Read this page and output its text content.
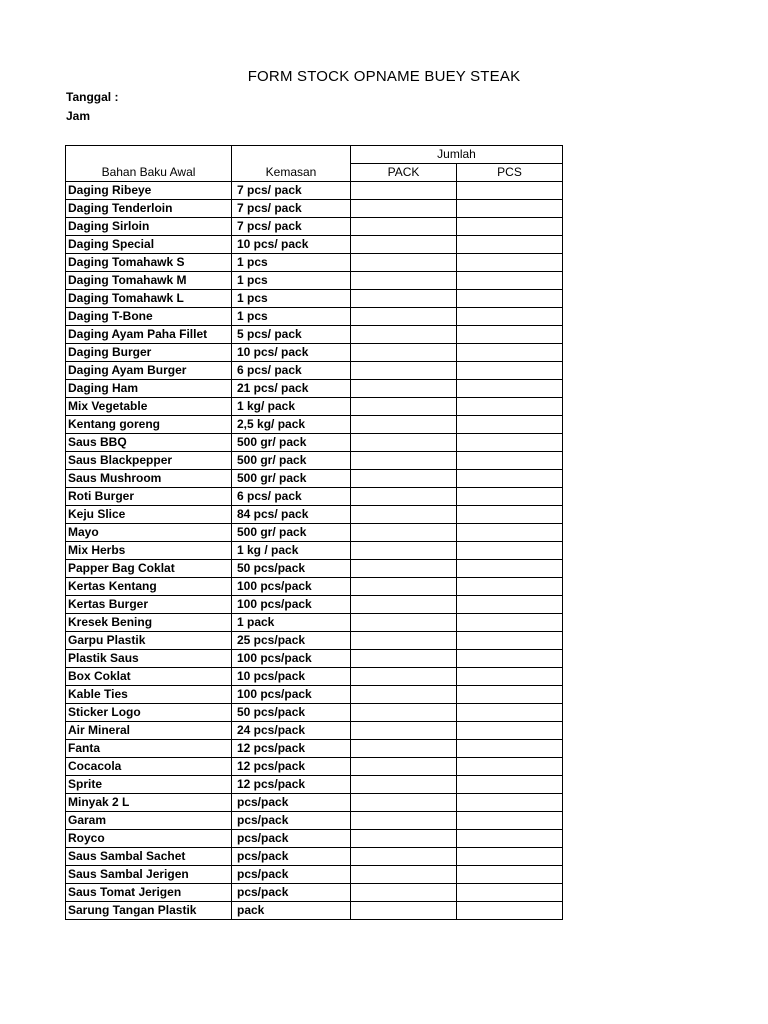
FORM STOCK OPNAME BUEY STEAK
Tanggal :
Jam
Bahan Baku Awal	Kemasan	Jumlah	
		PACK	PCS
Daging Ribeye	7 pcs/ pack		
Daging Tenderloin	7 pcs/ pack		
Daging Sirloin	7 pcs/ pack		
Daging Special	10 pcs/ pack		
Daging Tomahawk S	1 pcs		
Daging Tomahawk M	1 pcs		
Daging Tomahawk L	1 pcs		
Daging T-Bone	1 pcs		
Daging Ayam Paha Fillet	5 pcs/ pack		
Daging Burger	10 pcs/ pack		
Daging Ayam Burger	6 pcs/ pack		
Daging Ham	21 pcs/ pack		
Mix Vegetable	1 kg/ pack		
Kentang goreng	2,5 kg/ pack		
Saus BBQ	500 gr/ pack		
Saus Blackpepper	500 gr/ pack		
Saus Mushroom	500 gr/ pack		
Roti Burger	6 pcs/ pack		
Keju Slice	84 pcs/ pack		
Mayo	500 gr/ pack		
Mix Herbs	1 kg / pack		
Papper Bag Coklat	50 pcs/pack		
Kertas Kentang	100 pcs/pack		
Kertas Burger	100 pcs/pack		
Kresek Bening	1 pack		
Garpu Plastik	25 pcs/pack		
Plastik Saus	100 pcs/pack		
Box Coklat	10 pcs/pack		
Kable Ties	100 pcs/pack		
Sticker Logo	50 pcs/pack		
Air Mineral	24 pcs/pack		
Fanta	12 pcs/pack		
Cocacola	12 pcs/pack		
Sprite	12 pcs/pack		
Minyak 2 L	pcs/pack		
Garam	pcs/pack		
Royco	pcs/pack		
Saus Sambal Sachet	pcs/pack		
Saus Sambal Jerigen	pcs/pack		
Saus Tomat Jerigen	pcs/pack		
Sarung Tangan Plastik	pack		
